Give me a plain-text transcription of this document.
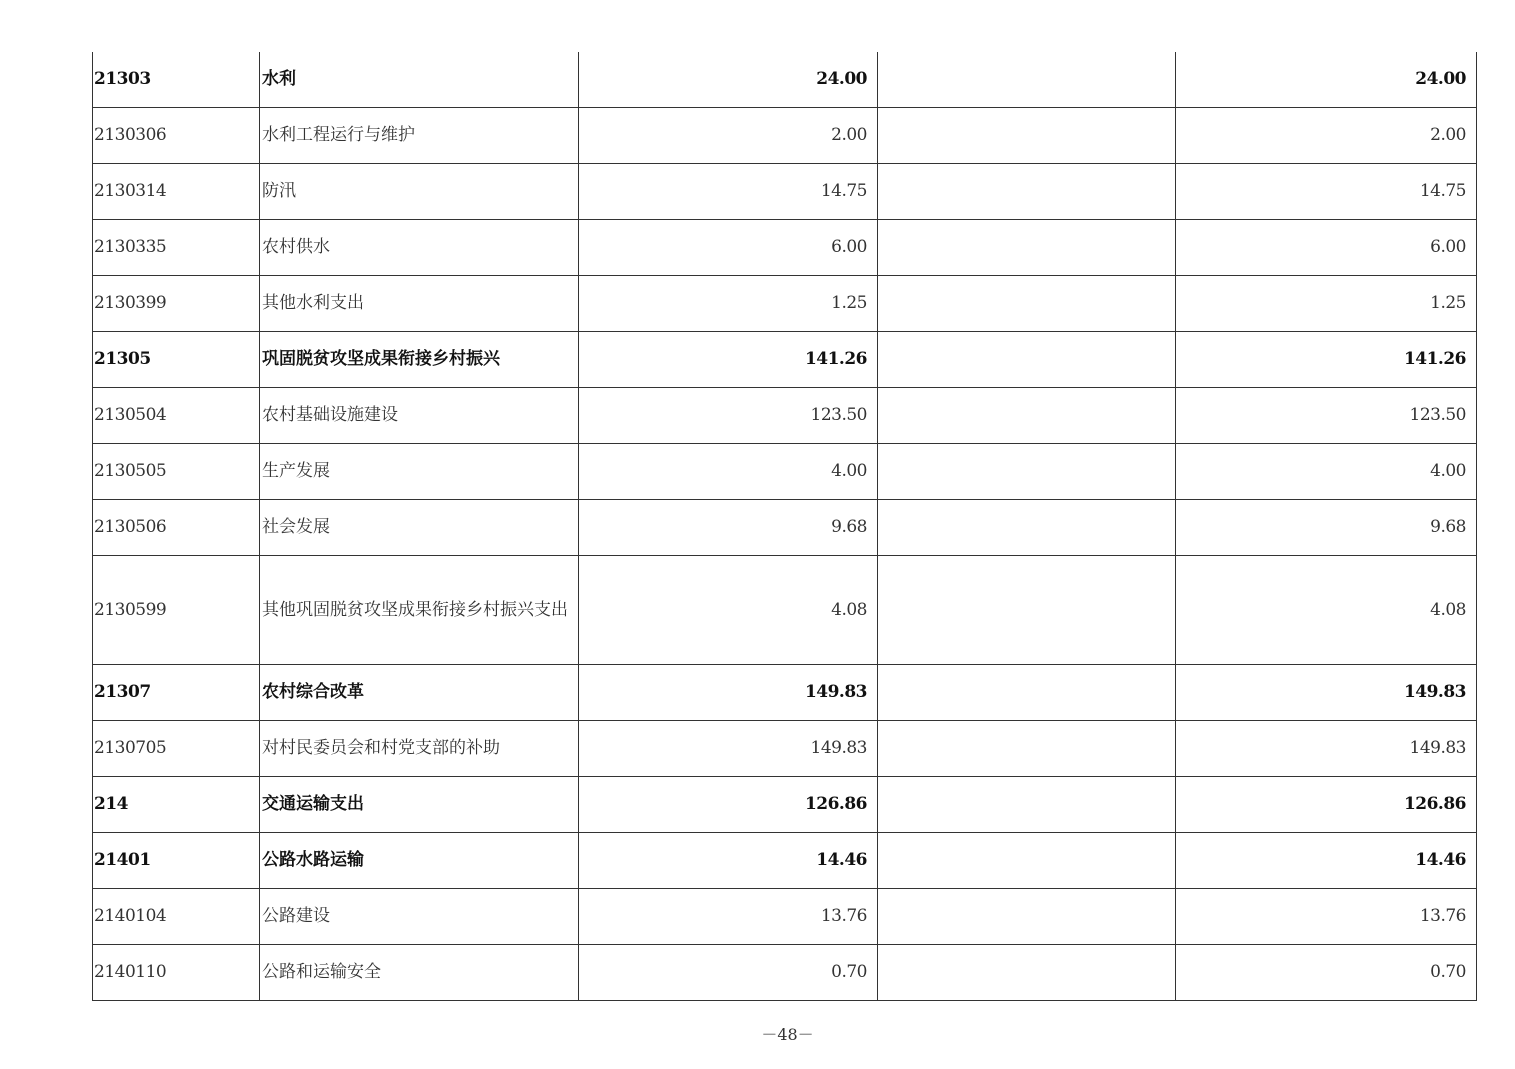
21303	水利	24.00		24.00
2130306	水利工程运行与维护	2.00		2.00
2130314	防汛	14.75		14.75
2130335	农村供水	6.00		6.00
2130399	其他水利支出	1.25		1.25
21305	巩固脱贫攻坚成果衔接乡村振兴	141.26		141.26
2130504	农村基础设施建设	123.50		123.50
2130505	生产发展	4.00		4.00
2130506	社会发展	9.68		9.68
2130599	其他巩固脱贫攻坚成果衔接乡村振兴支出	4.08		4.08
21307	农村综合改革	149.83		149.83
2130705	对村民委员会和村党支部的补助	149.83		149.83
214	交通运输支出	126.86		126.86
21401	公路水路运输	14.46		14.46
2140104	公路建设	13.76		13.76
2140110	公路和运输安全	0.70		0.70
－48－
